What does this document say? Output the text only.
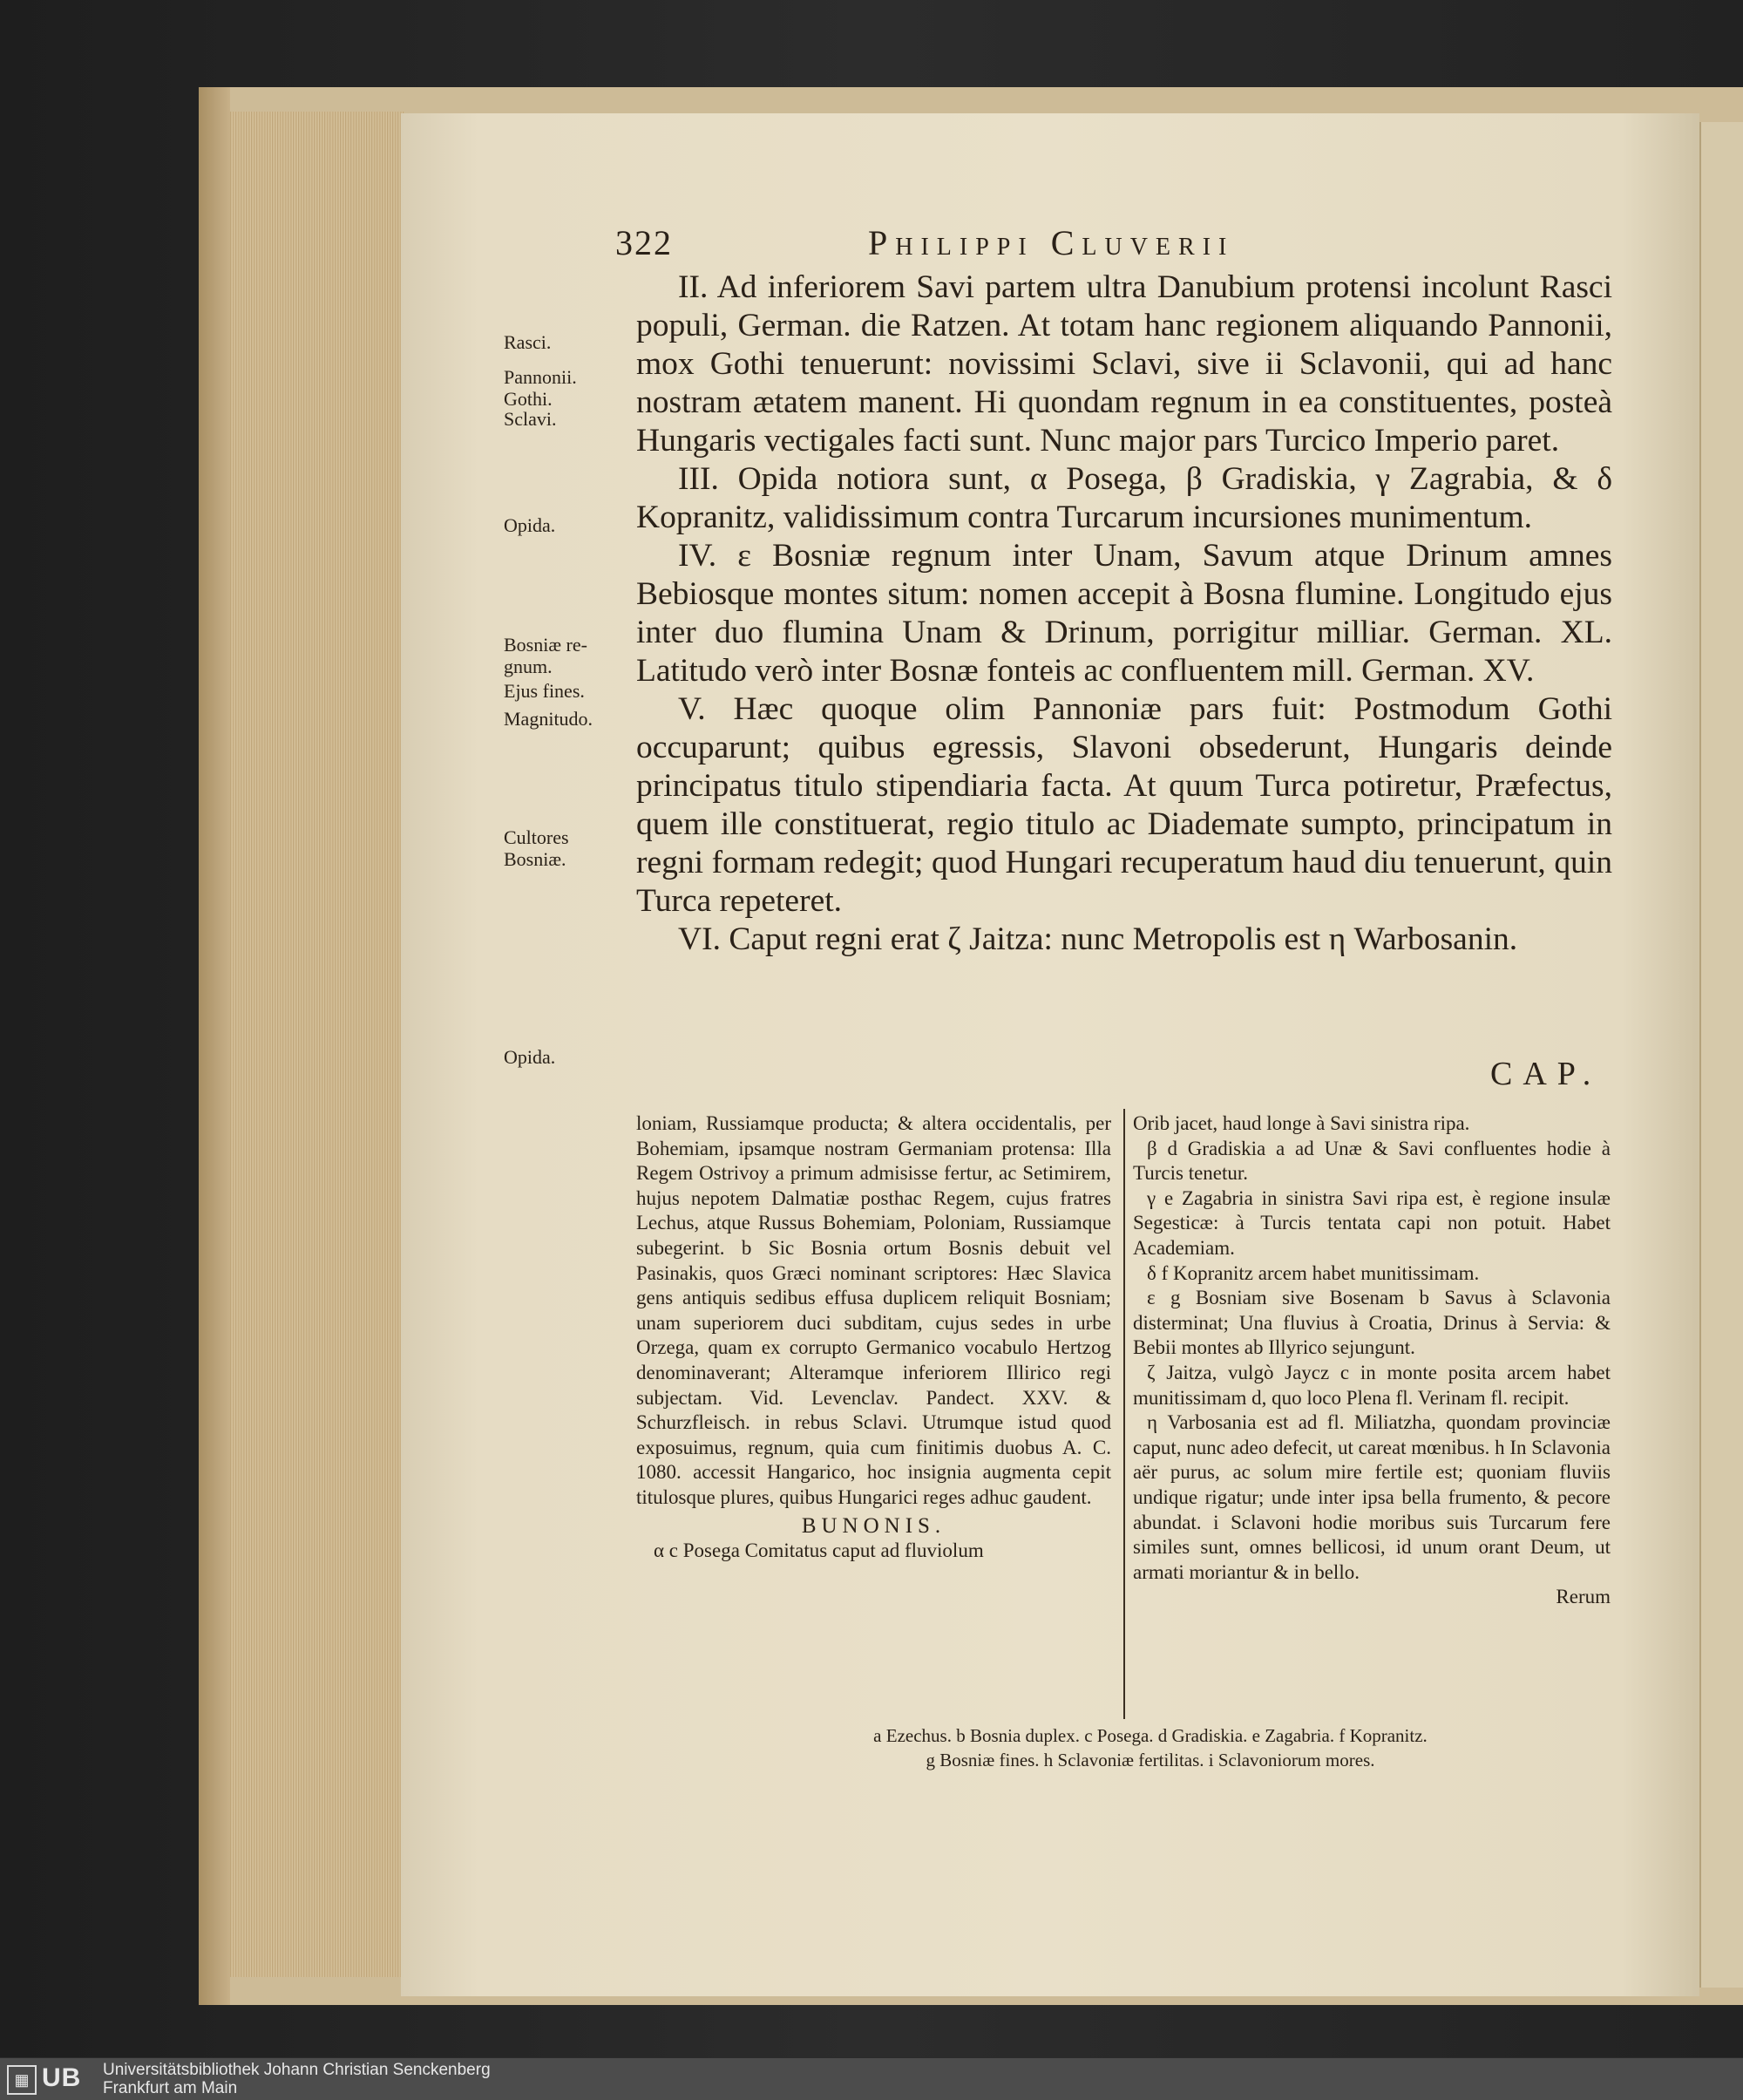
322	Philippi Cluverii
Rasci.
Pannonii.
Gothi.
Sclavi.
Opida.
Bosniæ re-
gnum.
Ejus fines.
Magnitudo.
Cultores
Bosniæ.
Opida.

II. Ad inferiorem Savi partem ultra Danubium protensi incolunt Rasci populi, German. die Ratzen. At totam hanc regionem aliquando Pannonii, mox Gothi tenuerunt: novissimi Sclavi, sive ii Sclavonii, qui ad hanc nostram ætatem manent. Hi quondam regnum in ea constituentes, posteà Hungaris vectigales facti sunt. Nunc major pars Turcico Imperio paret.

III. Opida notiora sunt, α Posega, β Gradiskia, γ Zagrabia, & δ Kopranitz, validissimum contra Turcarum incursiones munimentum.

IV. ε Bosniæ regnum inter Unam, Savum atque Drinum amnes Bebiosque montes situm: nomen accepit à Bosna flumine. Longitudo ejus inter duo flumina Unam & Drinum, porrigitur milliar. German. XL. Latitudo verò inter Bosnæ fonteis ac confluentem mill. German. XV.

V. Hæc quoque olim Pannoniæ pars fuit: Postmodum Gothi occuparunt; quibus egressis, Slavoni obsederunt, Hungaris deinde principatus titulo stipendiaria facta. At quum Turca potiretur, Præfectus, quem ille constituerat, regio titulo ac Diademate sumpto, principatum in regni formam redegit; quod Hungari recuperatum haud diu tenuerunt, quin Turca repeteret.

VI. Caput regni erat ζ Jaitza: nunc Metropolis est η Warbosanin.

CAP.

loniam, Russiamque producta; & altera occidentalis, per Bohemiam, ipsamque nostram Germaniam protensa: Illa Regem Ostrivoy a primum admisisse fertur, ac Setimirem, hujus nepotem Dalmatiæ posthac Regem, cujus fratres Lechus, atque Russus Bohemiam, Poloniam, Russiamque subegerint. b Sic Bosnia ortum Bosnis debuit vel Pasinakis, quos Græci nominant scriptores: Hæc Slavica gens antiquis sedibus effusa duplicem reliquit Bosniam; unam superiorem duci subditam, cujus sedes in urbe Orzega, quam ex corrupto Germanico vocabulo Hertzog denominaverant; Alteramque inferiorem Illirico regi subjectam. Vid. Levenclav. Pandect. XXV. & Schurzfleisch. in rebus Sclavi. Utrumque istud quod exposuimus, regnum, quia cum finitimis duobus A. C. 1080. accessit Hangarico, hoc insignia augmenta cepit titulosque plures, quibus Hungarici reges adhuc gaudent.

BUNONIS.

α c Posega Comitatus caput ad fluviolum

Orib jacet, haud longe à Savi sinistra ripa.

β d Gradiskia a ad Unæ & Savi confluentes hodie à Turcis tenetur.

γ e Zagabria in sinistra Savi ripa est, è regione insulæ Segesticæ: à Turcis tentata capi non potuit. Habet Academiam.

δ f Kopranitz arcem habet munitissimam.

ε g Bosniam sive Bosenam b Savus à Sclavonia disterminat; Una fluvius à Croatia, Drinus à Servia: & Bebii montes ab Illyrico sejungunt.

ζ Jaitza, vulgò Jaycz c in monte posita arcem habet munitissimam d, quo loco Plena fl. Verinam fl. recipit.

η Varbosania est ad fl. Miliatzha, quondam provinciæ caput, nunc adeo defecit, ut careat mœnibus. h In Sclavonia aër purus, ac solum mire fertile est; quoniam fluviis undique rigatur; unde inter ipsa bella frumento, & pecore abundat. i Sclavoni hodie moribus suis Turcarum fere similes sunt, omnes bellicosi, id unum orant Deum, ut armati moriantur & in bello.

Rerum

a Ezechus. b Bosnia duplex. c Posega. d Gradiskia. e Zagabria. f Kopranitz.
g Bosniæ fines. h Sclavoniæ fertilitas. i Sclavoniorum mores.
▦ UB Universitätsbibliothek Johann Christian Senckenberg
Frankfurt am Main
